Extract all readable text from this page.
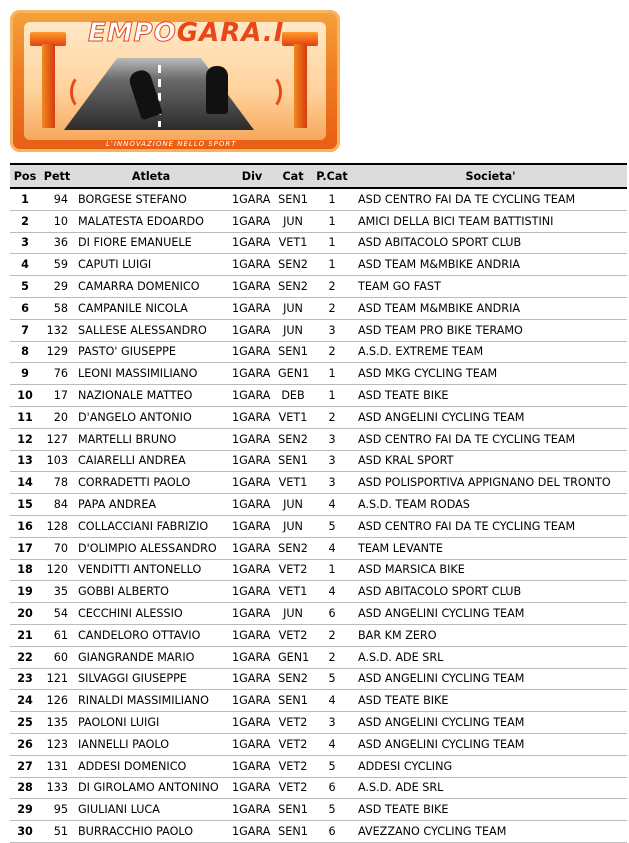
EMPOGARA.I
L'INNOVAZIONE NELLO SPORT
Pos	Pett	Atleta	Div	Cat	P.Cat	Societa'
1	94	BORGESE STEFANO	1GARA	SEN1	1	ASD CENTRO FAI DA TE CYCLING TEAM
2	10	MALATESTA EDOARDO	1GARA	JUN	1	AMICI DELLA BICI TEAM BATTISTINI
3	36	DI FIORE EMANUELE	1GARA	VET1	1	ASD ABITACOLO SPORT CLUB
4	59	CAPUTI LUIGI	1GARA	SEN2	1	ASD TEAM M&MBIKE ANDRIA
5	29	CAMARRA DOMENICO	1GARA	SEN2	2	TEAM GO FAST
6	58	CAMPANILE NICOLA	1GARA	JUN	2	ASD TEAM M&MBIKE ANDRIA
7	132	SALLESE ALESSANDRO	1GARA	JUN	3	ASD TEAM PRO BIKE TERAMO
8	129	PASTO' GIUSEPPE	1GARA	SEN1	2	A.S.D. EXTREME TEAM
9	76	LEONI MASSIMILIANO	1GARA	GEN1	1	ASD MKG CYCLING TEAM
10	17	NAZIONALE MATTEO	1GARA	DEB	1	ASD TEATE BIKE
11	20	D'ANGELO ANTONIO	1GARA	VET1	2	ASD ANGELINI CYCLING TEAM
12	127	MARTELLI BRUNO	1GARA	SEN2	3	ASD CENTRO FAI DA TE CYCLING TEAM
13	103	CAIARELLI ANDREA	1GARA	SEN1	3	ASD KRAL SPORT
14	78	CORRADETTI PAOLO	1GARA	VET1	3	ASD POLISPORTIVA APPIGNANO DEL TRONTO
15	84	PAPA ANDREA	1GARA	JUN	4	A.S.D. TEAM RODAS
16	128	COLLACCIANI FABRIZIO	1GARA	JUN	5	ASD CENTRO FAI DA TE CYCLING TEAM
17	70	D'OLIMPIO ALESSANDRO	1GARA	SEN2	4	TEAM LEVANTE
18	120	VENDITTI ANTONELLO	1GARA	VET2	1	ASD MARSICA BIKE
19	35	GOBBI ALBERTO	1GARA	VET1	4	ASD ABITACOLO SPORT CLUB
20	54	CECCHINI ALESSIO	1GARA	JUN	6	ASD ANGELINI CYCLING TEAM
21	61	CANDELORO OTTAVIO	1GARA	VET2	2	BAR KM ZERO
22	60	GIANGRANDE MARIO	1GARA	GEN1	2	A.S.D. ADE SRL
23	121	SILVAGGI GIUSEPPE	1GARA	SEN2	5	ASD ANGELINI CYCLING TEAM
24	126	RINALDI MASSIMILIANO	1GARA	SEN1	4	ASD TEATE BIKE
25	135	PAOLONI LUIGI	1GARA	VET2	3	ASD ANGELINI CYCLING TEAM
26	123	IANNELLI PAOLO	1GARA	VET2	4	ASD ANGELINI CYCLING TEAM
27	131	ADDESI DOMENICO	1GARA	VET2	5	ADDESI CYCLING
28	133	DI GIROLAMO ANTONINO	1GARA	VET2	6	A.S.D. ADE SRL
29	95	GIULIANI LUCA	1GARA	SEN1	5	ASD TEATE BIKE
30	51	BURRACCHIO PAOLO	1GARA	SEN1	6	AVEZZANO CYCLING TEAM
